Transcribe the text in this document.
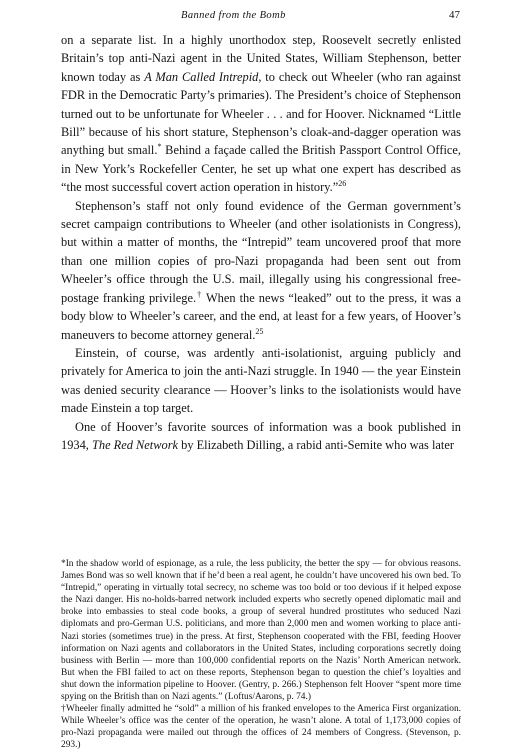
Banned from the Bomb	47

on a separate list. In a highly unorthodox step, Roosevelt secretly enlisted Britain’s top anti-Nazi agent in the United States, William Stephenson, better known today as A Man Called Intrepid, to check out Wheeler (who ran against FDR in the Democratic Party’s primaries). The President’s choice of Stephenson turned out to be unfortunate for Wheeler . . . and for Hoover. Nicknamed “Little Bill” because of his short stature, Stephenson’s cloak-and-dagger operation was anything but small.* Behind a façade called the British Passport Control Office, in New York’s Rockefeller Center, he set up what one expert has described as “the most successful covert action operation in history.”$^{26}$

Stephenson’s staff not only found evidence of the German government’s secret campaign contributions to Wheeler (and other isolationists in Congress), but within a matter of months, the “Intrepid” team uncovered proof that more than one million copies of pro-Nazi propaganda had been sent out from Wheeler’s office through the U.S. mail, illegally using his congressional free-postage franking privilege.† When the news “leaked” out to the press, it was a body blow to Wheeler’s career, and the end, at least for a few years, of Hoover’s maneuvers to become attorney general.$^{25}$

Einstein, of course, was ardently anti-isolationist, arguing publicly and privately for America to join the anti-Nazi struggle. In 1940 — the year Einstein was denied security clearance — Hoover’s links to the isolationists would have made Einstein a top target.

One of Hoover’s favorite sources of information was a book published in 1934, The Red Network by Elizabeth Dilling, a rabid anti-Semite who was later

*In the shadow world of espionage, as a rule, the less publicity, the better the spy — for obvious reasons. James Bond was so well known that if he’d been a real agent, he couldn’t have uncovered his own bed. To “Intrepid,” operating in virtually total secrecy, no scheme was too bold or too devious if it helped expose the Nazi danger. His no-holds-barred network included experts who secretly opened diplomatic mail and broke into embassies to steal code books, a group of several hundred prostitutes who seduced Nazi diplomats and pro-German U.S. politicians, and more than 2,000 men and women working to place anti-Nazi stories (sometimes true) in the press. At first, Stephenson cooperated with the FBI, feeding Hoover information on Nazi agents and collaborators in the United States, including corporations secretly doing business with Berlin — more than 100,000 confidential reports on the Nazis’ North American network. But when the FBI failed to act on these reports, Stephenson began to question the chief’s loyalties and shut down the information pipeline to Hoover. (Gentry, p. 266.) Stephenson felt Hoover “spent more time spying on the British than on Nazi agents.” (Loftus/Aarons, p. 74.)

†Wheeler finally admitted he “sold” a million of his franked envelopes to the America First organization. While Wheeler’s office was the center of the operation, he wasn’t alone. A total of 1,173,000 copies of pro-Nazi propaganda were mailed out through the offices of 24 members of Congress. (Stevenson, p. 293.)
